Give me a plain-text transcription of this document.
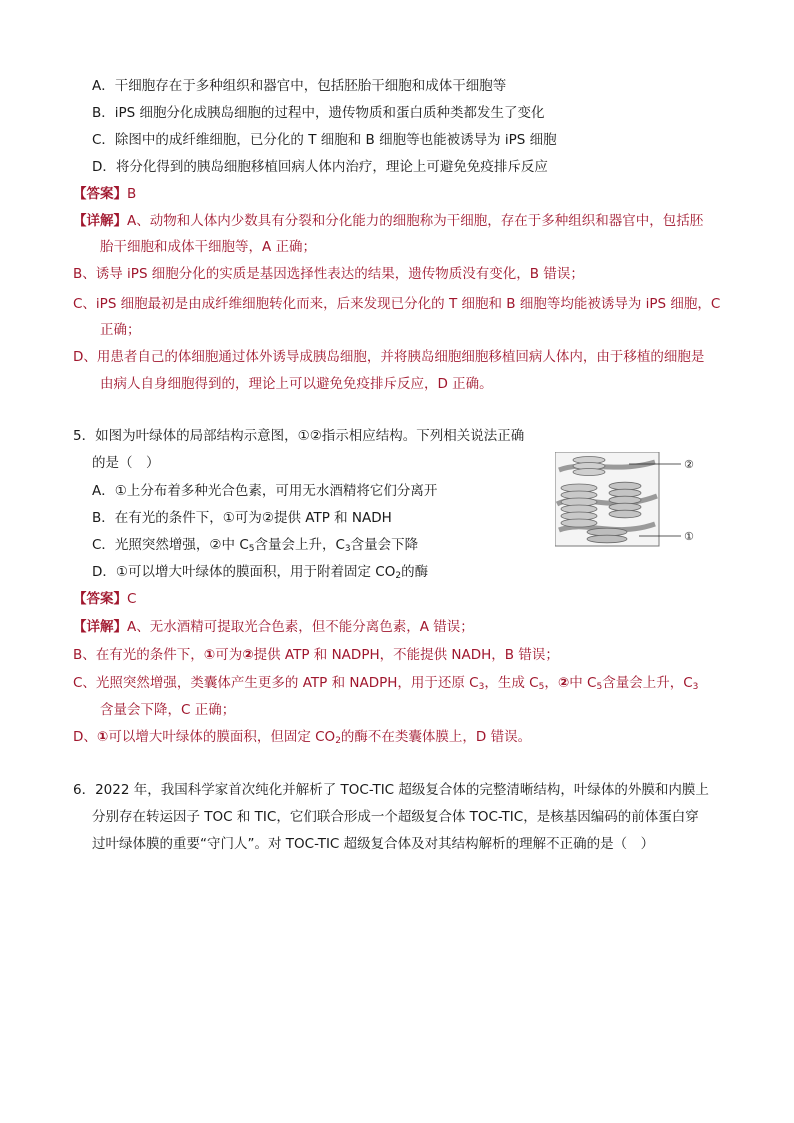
A．干细胞存在于多种组织和器官中，包括胚胎干细胞和成体干细胞等
B．iPS 细胞分化成胰岛细胞的过程中，遗传物质和蛋白质种类都发生了变化
C．除图中的成纤维细胞，已分化的 T 细胞和 B 细胞等也能被诱导为 iPS 细胞
D．将分化得到的胰岛细胞移植回病人体内治疗，理论上可避免免疫排斥反应
【答案】B
【详解】A、动物和人体内少数具有分裂和分化能力的细胞称为干细胞，存在于多种组织和器官中，包括胚
胎干细胞和成体干细胞等，A 正确；
B、诱导 iPS 细胞分化的实质是基因选择性表达的结果，遗传物质没有变化，B 错误；
C、iPS 细胞最初是由成纤维细胞转化而来，后来发现已分化的 T 细胞和 B 细胞等均能被诱导为 iPS 细胞，C
正确；
D、用患者自己的体细胞通过体外诱导成胰岛细胞，并将胰岛细胞细胞移植回病人体内，由于移植的细胞是
由病人自身细胞得到的，理论上可以避免免疫排斥反应，D 正确。
5．如图为叶绿体的局部结构示意图，①②指示相应结构。下列相关说法正确
的是（　）
A．①上分布着多种光合色素，可用无水酒精将它们分离开
B．在有光的条件下，①可为②提供 ATP 和 NADH
C．光照突然增强，②中 $C_5$含量会上升，$C_3$含量会下降
D．①可以增大叶绿体的膜面积，用于附着固定 $CO_2$的酶
②
①
【答案】C
【详解】A、无水酒精可提取光合色素，但不能分离色素，A 错误；
B、在有光的条件下，①可为②提供 ATP 和 NADPH，不能提供 NADH，B 错误；
C、光照突然增强，类囊体产生更多的 ATP 和 NADPH，用于还原 $C_3$，生成 $C_5$，②中 $C_5$含量会上升，$C_3$
含量会下降，C 正确；
D、①可以增大叶绿体的膜面积，但固定 $CO_2$的酶不在类囊体膜上，D 错误。
6．2022 年，我国科学家首次纯化并解析了 TOC-TIC 超级复合体的完整清晰结构，叶绿体的外膜和内膜上
分别存在转运因子 TOC 和 TIC，它们联合形成一个超级复合体 TOC-TIC，是核基因编码的前体蛋白穿
过叶绿体膜的重要“守门人”。对 TOC-TIC 超级复合体及对其结构解析的理解不正确的是（　）
